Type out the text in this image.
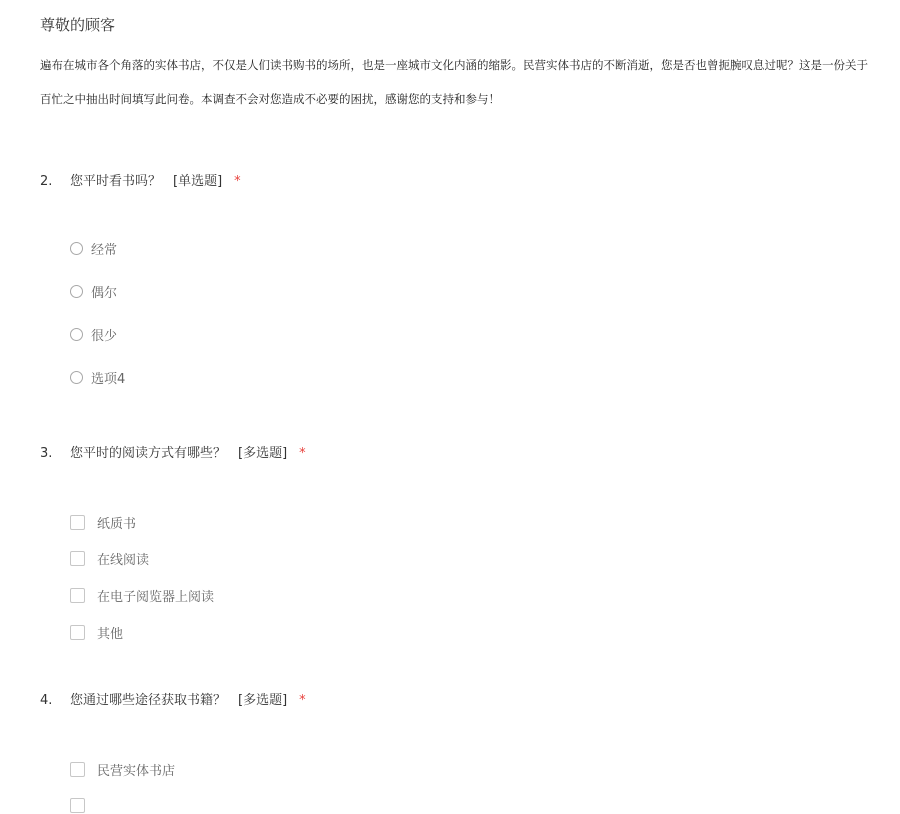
尊敬的顾客
遍布在城市各个角落的实体书店，不仅是人们读书购书的场所，也是一座城市文化内涵的缩影。民营实体书店的不断消逝，您是否也曾扼腕叹息过呢？这是一份关于
百忙之中抽出时间填写此问卷。本调查不会对您造成不必要的困扰，感谢您的支持和参与！
2. 您平时看书吗？ [单选题] *
经常
偶尔
很少
选项4
3. 您平时的阅读方式有哪些？ [多选题] *
纸质书
在线阅读
在电子阅览器上阅读
其他
4. 您通过哪些途径获取书籍？ [多选题] *
民营实体书店
